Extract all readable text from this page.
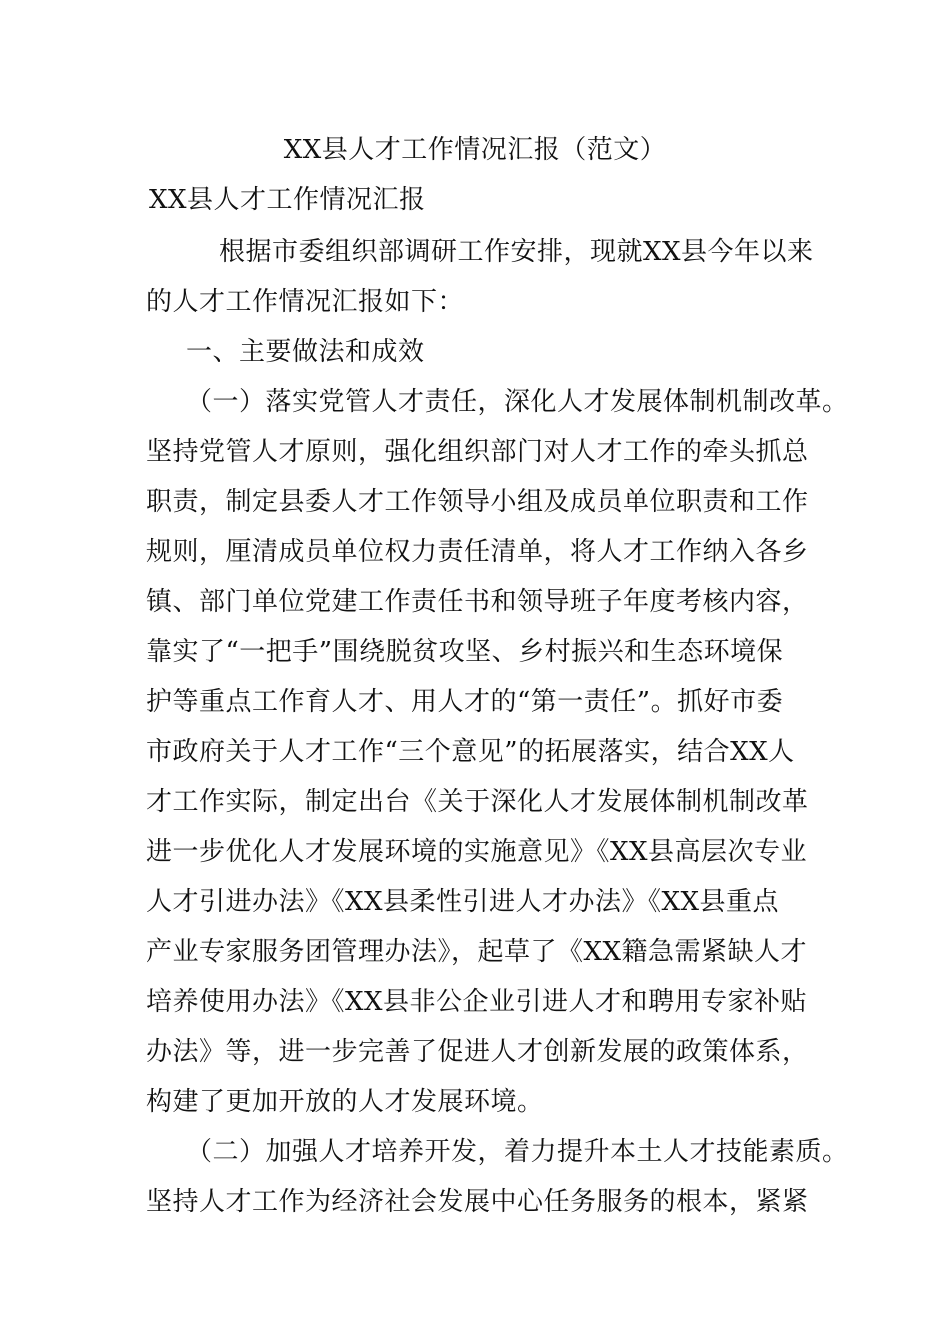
XX县人才工作情况汇报（范文）

XX县人才工作情况汇报

根据市委组织部调研工作安排，现就XX县今年以来

的人才工作情况汇报如下：

一、主要做法和成效

（一）落实党管人才责任，深化人才发展体制机制改革。

坚持党管人才原则，强化组织部门对人才工作的牵头抓总

职责，制定县委人才工作领导小组及成员单位职责和工作

规则，厘清成员单位权力责任清单，将人才工作纳入各乡

镇、部门单位党建工作责任书和领导班子年度考核内容，

靠实了“一把手”围绕脱贫攻坚、乡村振兴和生态环境保

护等重点工作育人才、用人才的“第一责任”。抓好市委

市政府关于人才工作“三个意见”的拓展落实，结合XX人

才工作实际，制定出台《关于深化人才发展体制机制改革

进一步优化人才发展环境的实施意见》《XX县高层次专业

人才引进办法》《XX县柔性引进人才办法》《XX县重点

产业专家服务团管理办法》，起草了《XX籍急需紧缺人才

培养使用办法》《XX县非公企业引进人才和聘用专家补贴

办法》等，进一步完善了促进人才创新发展的政策体系，

构建了更加开放的人才发展环境。

（二）加强人才培养开发，着力提升本土人才技能素质。

坚持人才工作为经济社会发展中心任务服务的根本，紧紧
